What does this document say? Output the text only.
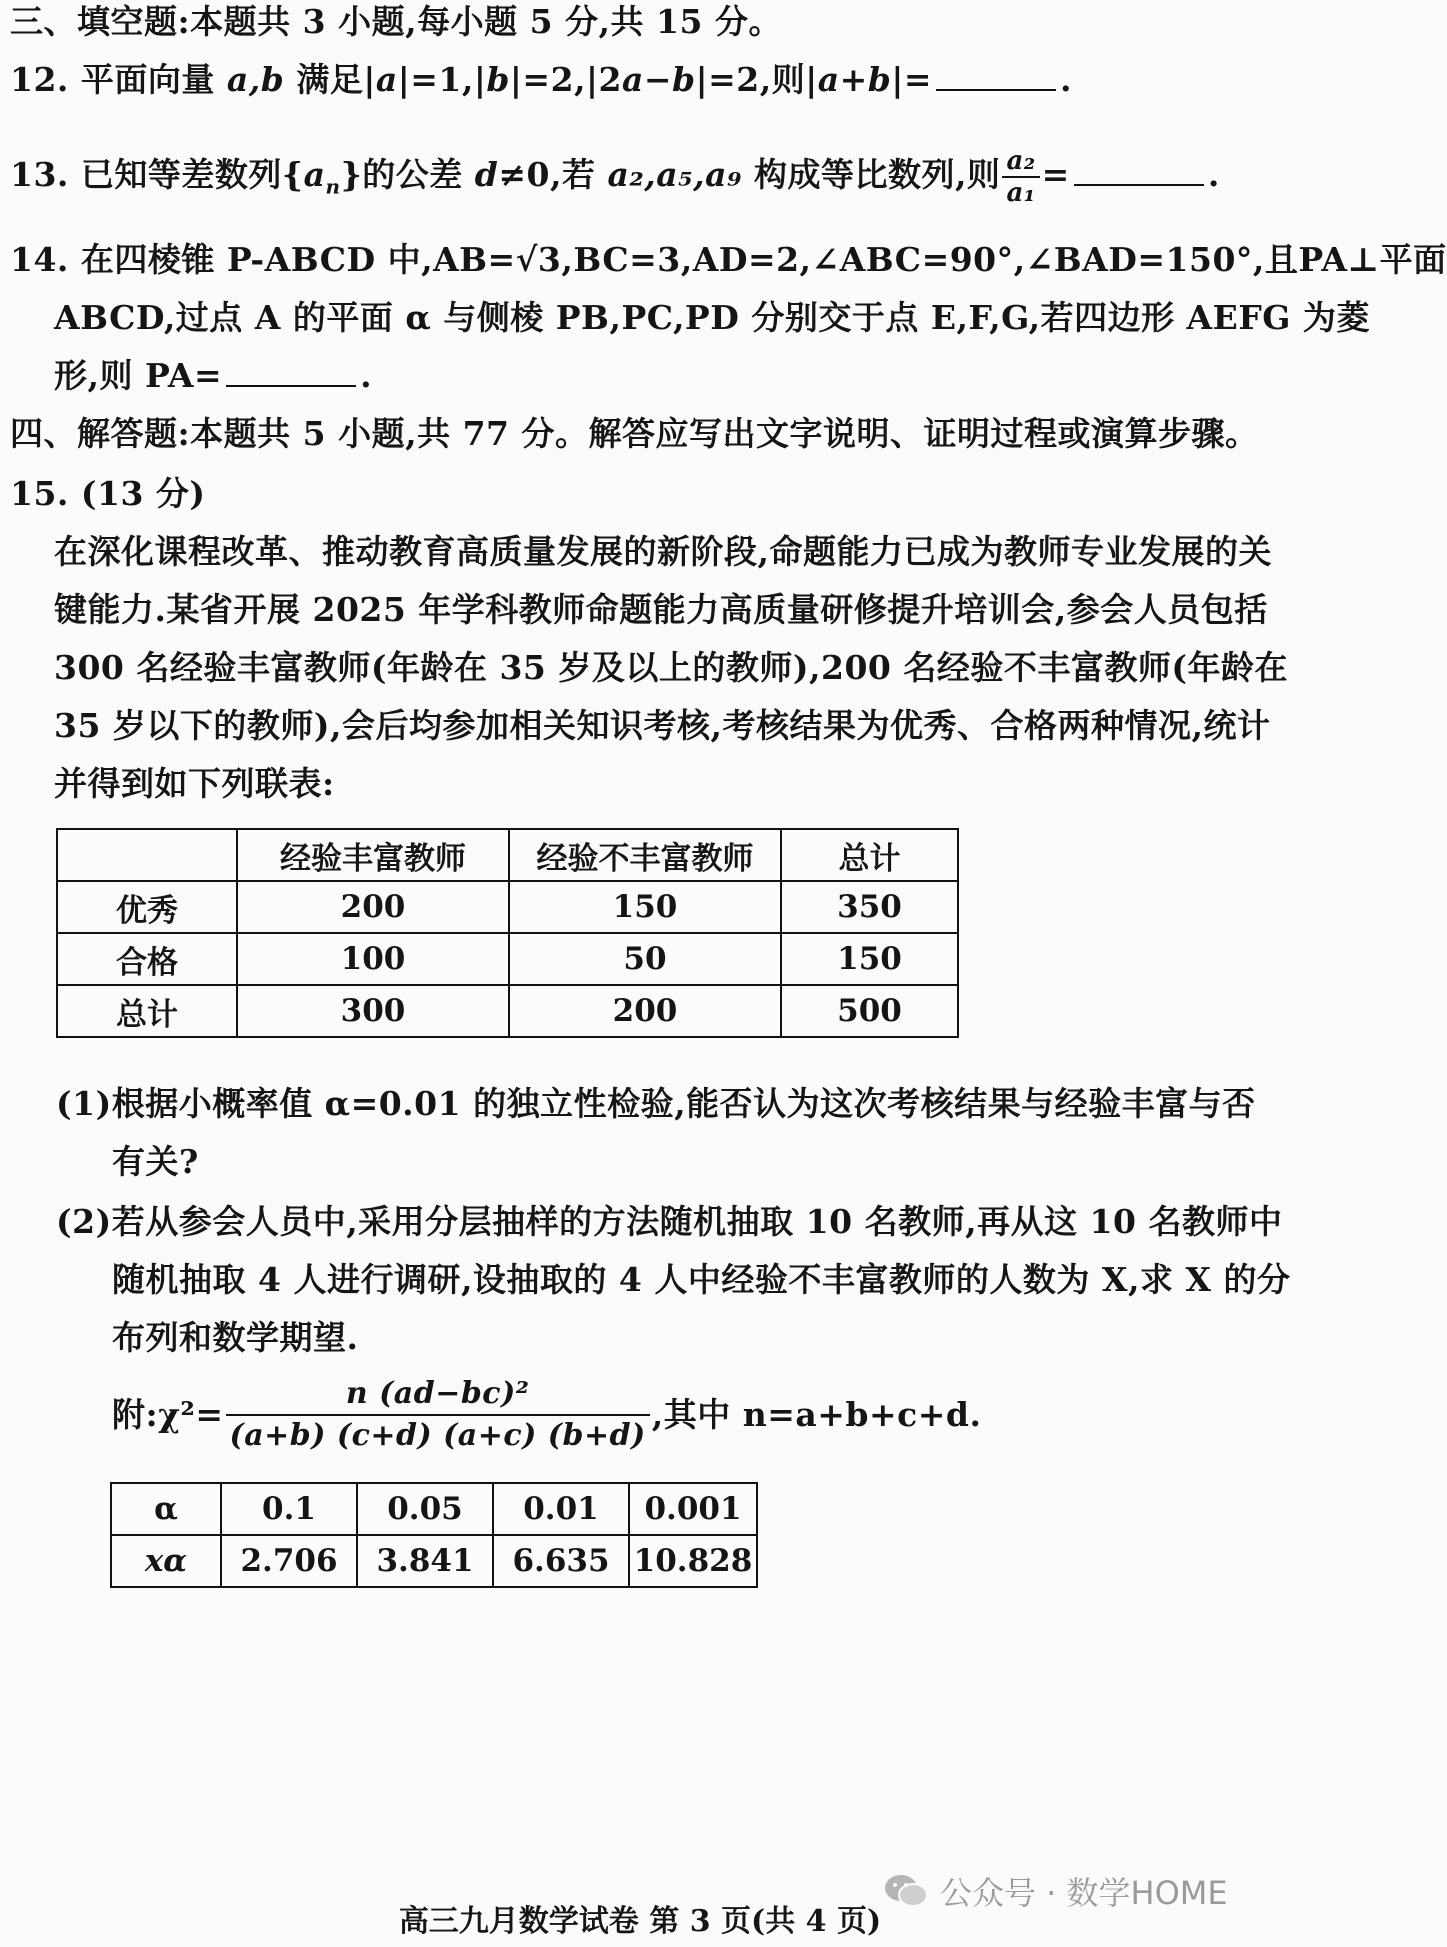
三、填空题:本题共 3 小题,每小题 5 分,共 15 分。
12. 平面向量 a,b 满足|a|=1,|b|=2,|2a−b|=2,则|a+b|=	.
13. 已知等差数列$\{a_n\}$的公差 d≠0,若 a₂,a₅,a₉ 构成等比数列,则 $\frac{\text{a₂}}{\text{a₁}}$ =	.
14. 在四棱锥 P-ABCD 中,AB=√3,BC=3,AD=2,∠ABC=90°,∠BAD=150°,且PA⊥平面
ABCD,过点 A 的平面 α 与侧棱 PB,PC,PD 分别交于点 E,F,G,若四边形 AEFG 为菱
形,则 PA=	.
四、解答题:本题共 5 小题,共 77 分。解答应写出文字说明、证明过程或演算步骤。
15. (13 分)
在深化课程改革、推动教育高质量发展的新阶段,命题能力已成为教师专业发展的关
键能力.某省开展 2025 年学科教师命题能力高质量研修提升培训会,参会人员包括
300 名经验丰富教师(年龄在 35 岁及以上的教师),200 名经验不丰富教师(年龄在
35 岁以下的教师),会后均参加相关知识考核,考核结果为优秀、合格两种情况,统计
并得到如下列联表:
	经验丰富教师	经验不丰富教师	总计
优秀	200	150	350
合格	100	50	150
总计	300	200	500
(1)根据小概率值 α=0.01 的独立性检验,能否认为这次考核结果与经验丰富与否
有关?
(2)若从参会人员中,采用分层抽样的方法随机抽取 10 名教师,再从这 10 名教师中
随机抽取 4 人进行调研,设抽取的 4 人中经验不丰富教师的人数为 X,求 X 的分
布列和数学期望.
附:χ²= $\frac{\text{n (ad−bc)²}}{(a+b) (c+d) (a+c) (b+d)}$ ,其中 n=a+b+c+d.
α	0.1	0.05	0.01	0.001
xα	2.706	3.841	6.635	10.828
公众号 · 数学HOME
高三九月数学试卷 第 3 页(共 4 页)
